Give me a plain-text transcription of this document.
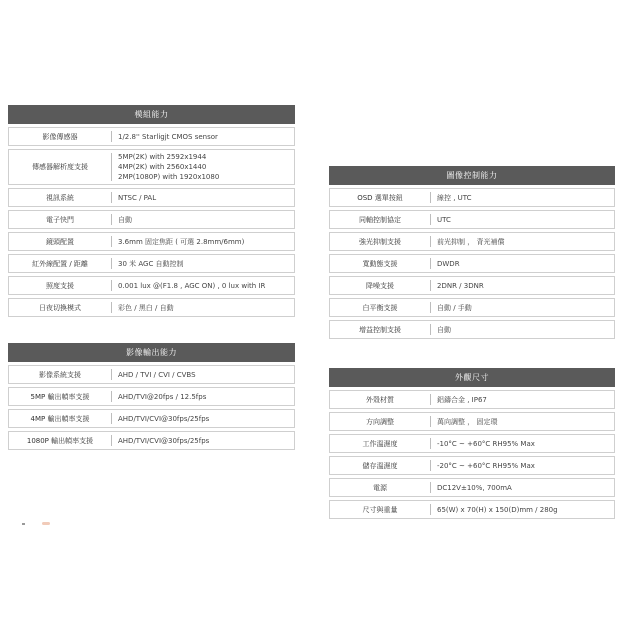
模組能力
影像傳感器	1/2.8'' Starligjt CMOS sensor
傳感器解析度支援
5MP(2K) with 2592x1944
4MP(2K) with 2560x1440
2MP(1080P) with 1920x1080
視訊系統	NTSC / PAL
電子快門	自動
鏡頭配置	3.6mm 固定焦距 ( 可選 2.8mm/6mm)
紅外線配置 / 距離	30 米 AGC 自動控制
照度支援	0.001 lux @(F1.8 , AGC ON) , 0 lux with IR
日夜切換模式	彩色 / 黑白 / 自動
影像輸出能力
影像系統支援	AHD / TVI / CVI / CVBS
5MP 輸出幀率支援	AHD/TVI@20fps / 12.5fps
4MP 輸出幀率支援	AHD/TVI/CVI@30fps/25fps
1080P 輸出幀率支援	AHD/TVI/CVI@30fps/25fps
圖像控制能力
OSD 選單按鈕	線控 , UTC
同軸控制協定	UTC
強光抑制支援	前光抑制 ， 背光補償
寬動態支援	DWDR
降噪支援	2DNR / 3DNR
白平衡支援	自動 / 手動
增益控制支援	自動
外觀尺寸
外殼材質	鋁鑄合金 , IP67
方向調整	萬向調整 ， 固定環
工作溫濕度	-10°C ~ +60°C RH95% Max
儲存溫濕度	-20°C ~ +60°C RH95% Max
電源	DC12V±10%, 700mA
尺寸與重量	65(W) x 70(H) x 150(D)mm / 280g
